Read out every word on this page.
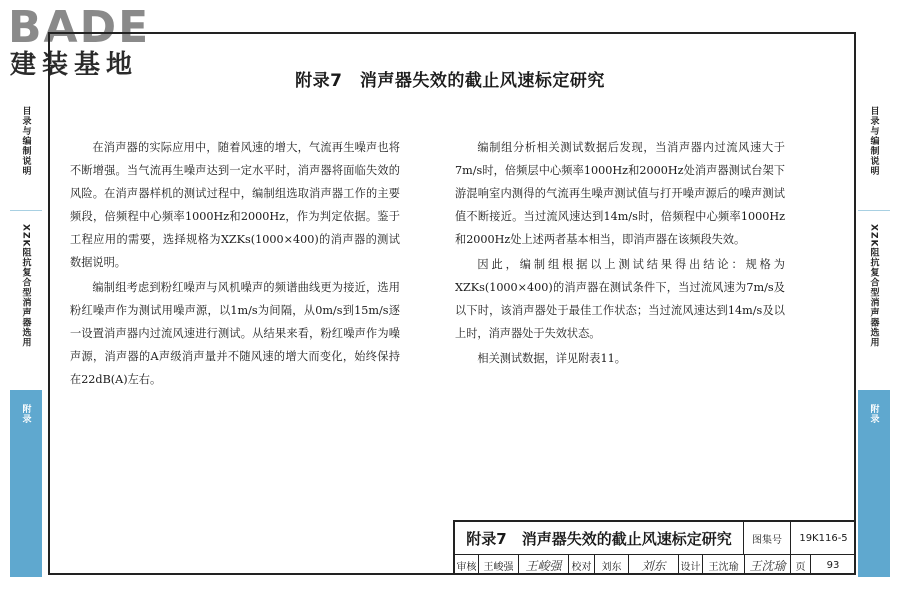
BADE
建装基地
目录与编制说明
XZK阻抗复合型消声器选用
附录
目录与编制说明
XZK阻抗复合型消声器选用
附录
附录7　消声器失效的截止风速标定研究

在消声器的实际应用中，随着风速的增大，气流再生噪声也将不断增强。当气流再生噪声达到一定水平时，消声器将面临失效的风险。在消声器样机的测试过程中，编制组选取消声器工作的主要频段，倍频程中心频率1000Hz和2000Hz，作为判定依据。鉴于工程应用的需要，选择规格为XZKs(1000×400)的消声器的测试数据说明。

编制组考虑到粉红噪声与风机噪声的频谱曲线更为接近，选用粉红噪声作为测试用噪声源，以1m/s为间隔，从0m/s到15m/s逐一设置消声器内过流风速进行测试。从结果来看，粉红噪声作为噪声源，消声器的A声级消声量并不随风速的增大而变化，始终保持在22dB(A)左右。

编制组分析相关测试数据后发现，当消声器内过流风速大于7m/s时，倍频层中心频率1000Hz和2000Hz处消声器测试台架下游混响室内测得的气流再生噪声测试值与打开噪声源后的噪声测试值不断接近。当过流风速达到14m/s时，倍频程中心频率1000Hz和2000Hz处上述两者基本相当，即消声器在该频段失效。

因此，编制组根据以上测试结果得出结论：规格为XZKs(1000×400)的消声器在测试条件下，当过流风速为7m/s及以下时，该消声器处于最佳工作状态；当过流风速达到14m/s及以上时，消声器处于失效状态。

相关测试数据，详见附表11。

附录7　消声器失效的截止风速标定研究	图集号	19K116-5
审核 王峻强 王峻强	校对	刘东	刘东	设计 王沈瑜 王沈瑜	页	93
